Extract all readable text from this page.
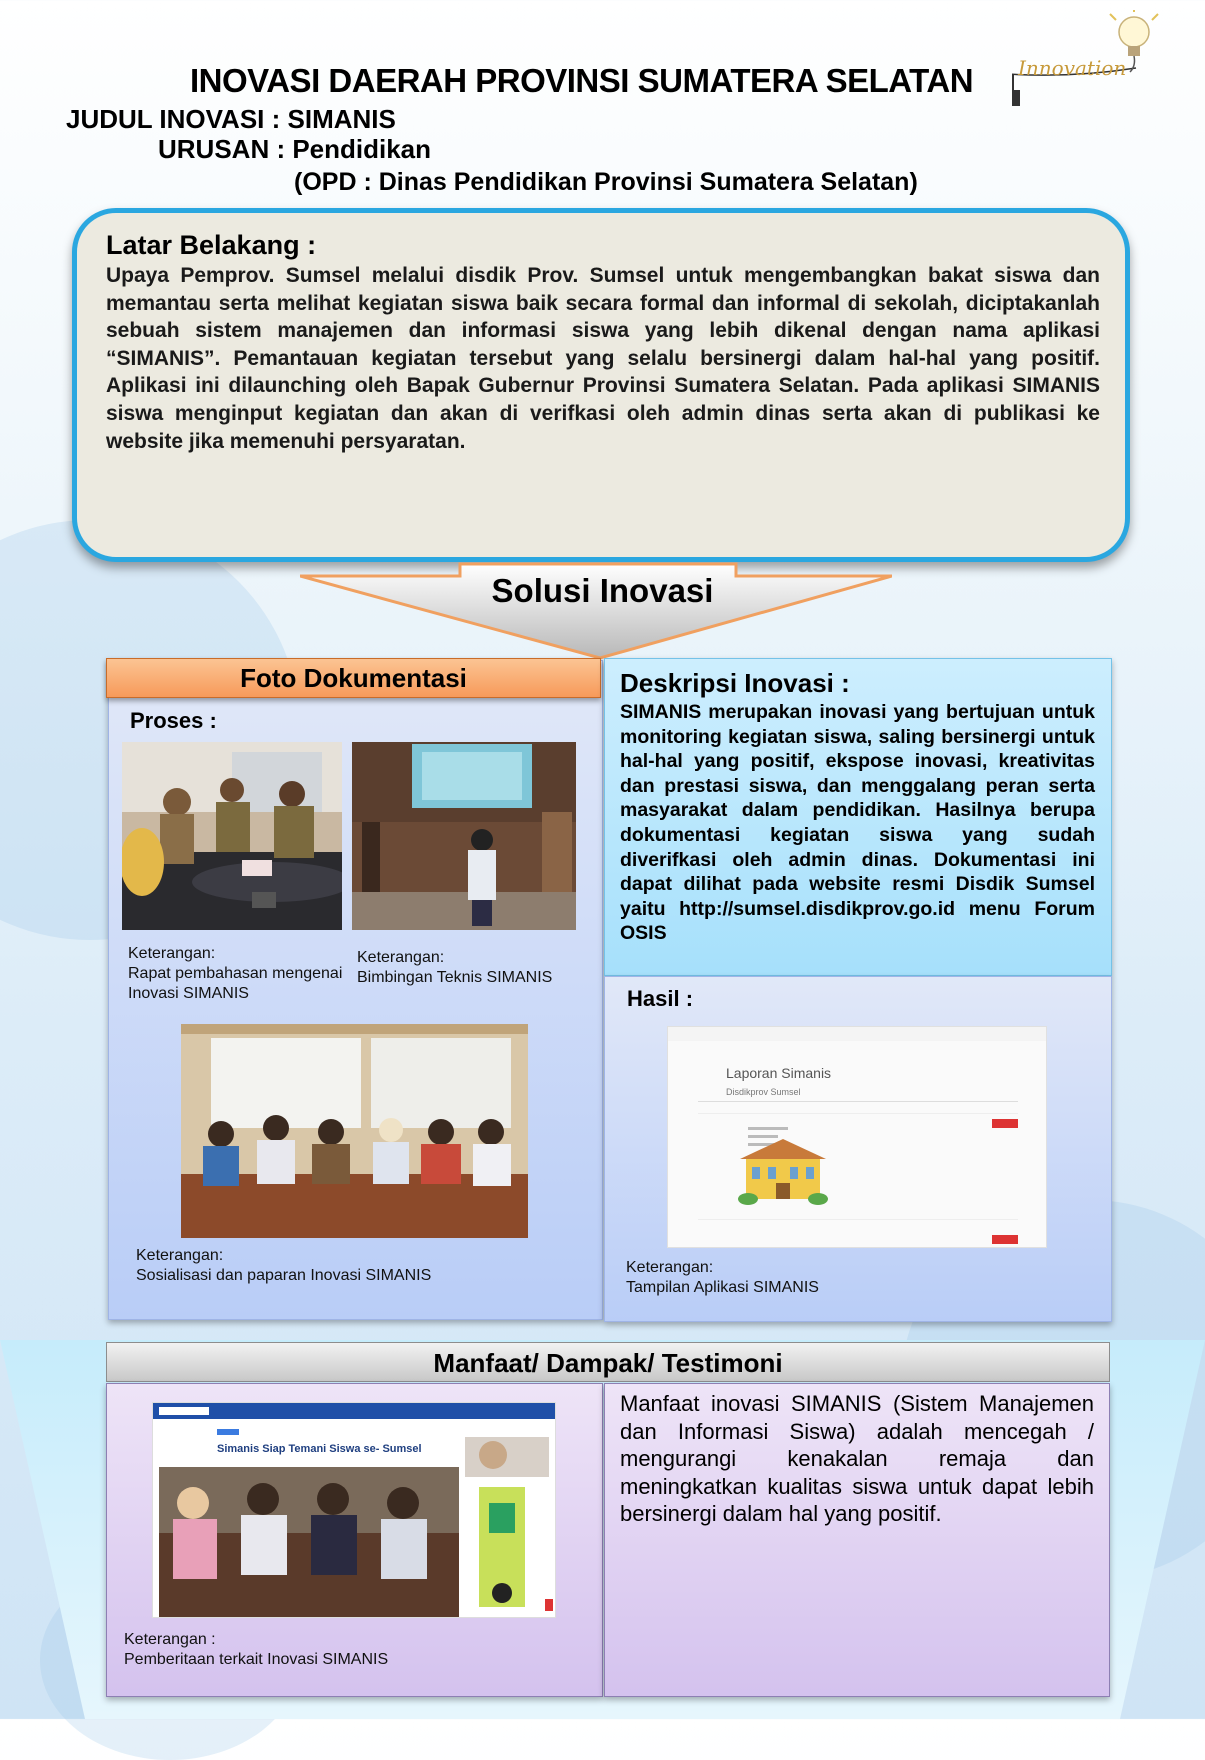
INOVASI DAERAH PROVINSI SUMATERA SELATAN
JUDUL INOVASI : SIMANIS
URUSAN : Pendidikan
(OPD : Dinas Pendidikan Provinsi Sumatera Selatan)
Innovation
Latar Belakang :
Upaya Pemprov. Sumsel melalui disdik Prov. Sumsel untuk mengembangkan bakat siswa dan memantau serta melihat kegiatan siswa baik secara formal dan informal di sekolah, diciptakanlah sebuah sistem manajemen dan informasi siswa yang lebih dikenal dengan nama aplikasi “SIMANIS”. Pemantauan kegiatan tersebut yang selalu bersinergi dalam hal-hal yang positif. Aplikasi ini dilaunching oleh Bapak Gubernur Provinsi Sumatera Selatan. Pada aplikasi SIMANIS siswa menginput kegiatan dan akan di verifkasi oleh admin dinas serta akan di publikasi ke website jika memenuhi persyaratan.
Solusi Inovasi
Foto Dokumentasi
Proses :
Keterangan:
Rapat pembahasan mengenai Inovasi SIMANIS
Keterangan:
Bimbingan Teknis SIMANIS
Keterangan:
Sosialisasi dan paparan Inovasi SIMANIS
Deskripsi Inovasi :
SIMANIS merupakan inovasi yang bertujuan untuk monitoring kegiatan siswa, saling bersinergi untuk hal-hal yang positif, ekspose inovasi, kreativitas dan prestasi siswa, dan menggalang peran serta masyarakat dalam pendidikan. Hasilnya berupa dokumentasi kegiatan siswa yang sudah diverifkasi oleh admin dinas. Dokumentasi ini dapat dilihat pada website resmi Disdik Sumsel yaitu http://sumsel.disdikprov.go.id menu Forum OSIS
Hasil :
Laporan Simanis
Disdikprov Sumsel
Keterangan:
Tampilan Aplikasi SIMANIS
Manfaat/ Dampak/ Testimoni
Simanis Siap Temani Siswa se- Sumsel
Keterangan :
Pemberitaan terkait Inovasi SIMANIS
Manfaat inovasi SIMANIS (Sistem Manajemen dan Informasi Siswa) adalah mencegah / mengurangi kenakalan remaja dan meningkatkan kualitas siswa untuk dapat lebih bersinergi dalam hal yang positif.
